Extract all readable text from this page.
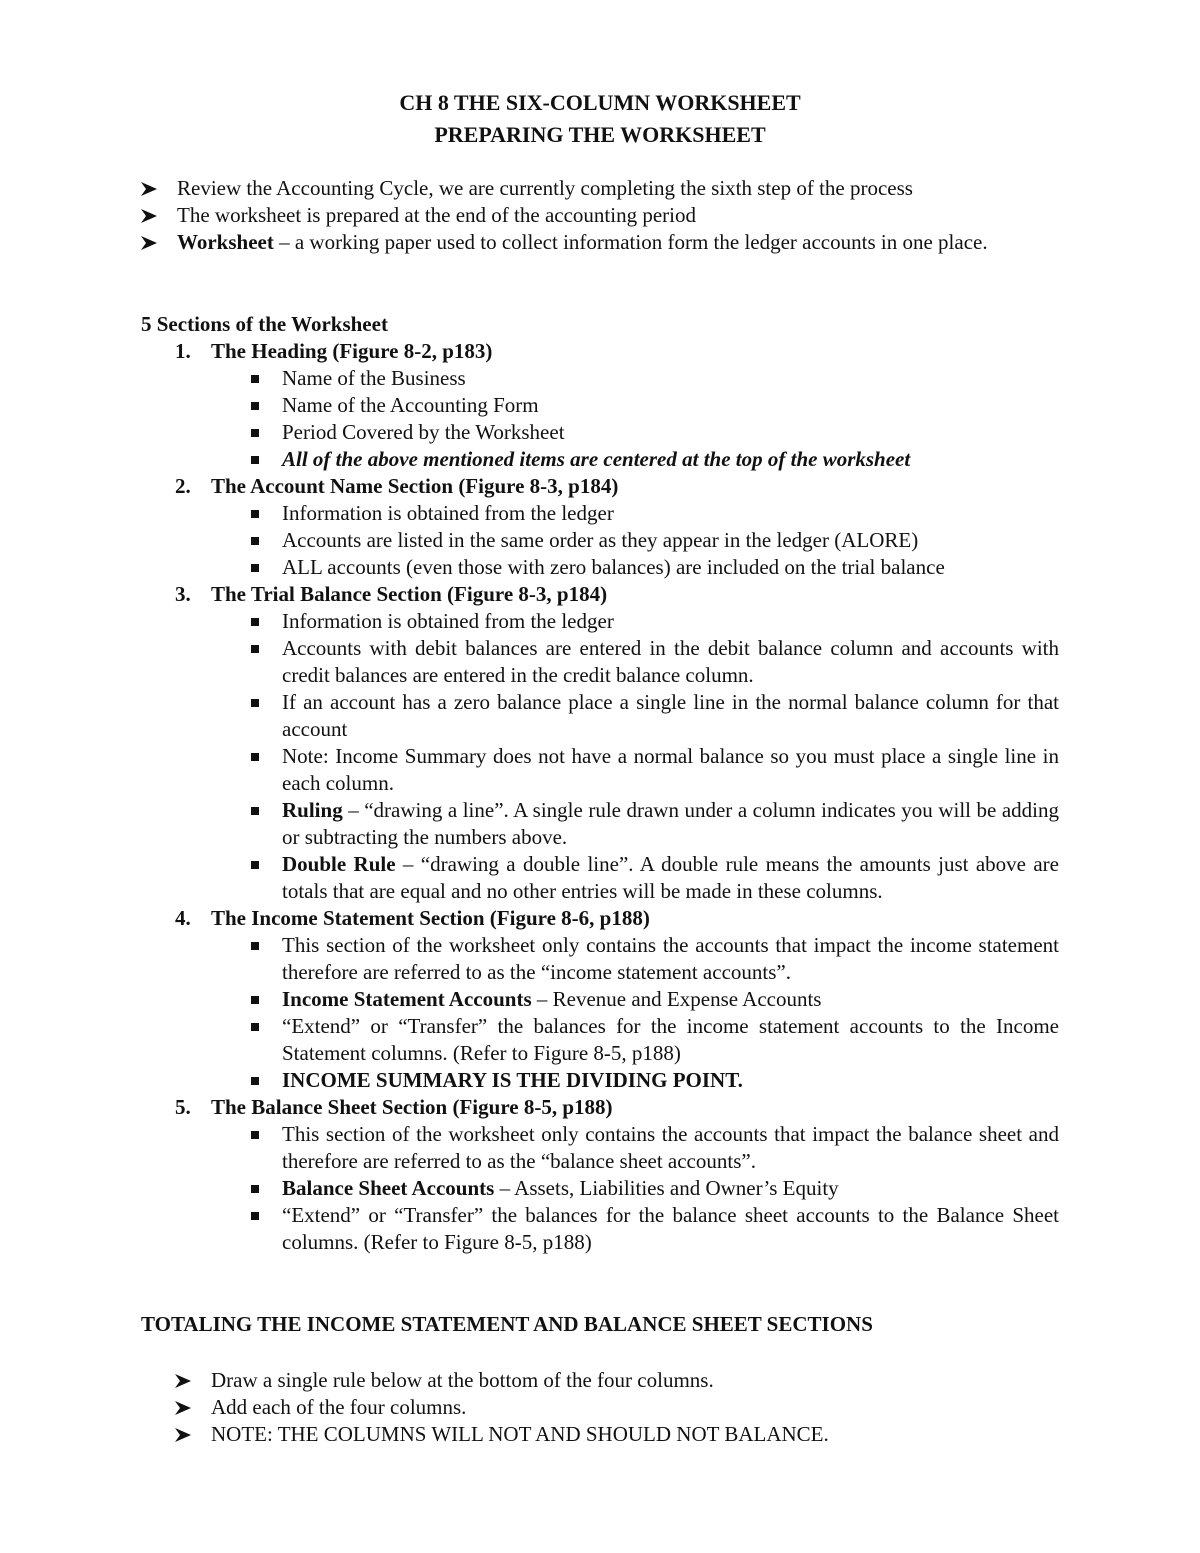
CH 8 THE SIX-COLUMN WORKSHEET
PREPARING THE WORKSHEET
Review the Accounting Cycle, we are currently completing the sixth step of the process
The worksheet is prepared at the end of the accounting period
Worksheet – a working paper used to collect information form the ledger accounts in one place.
5 Sections of the Worksheet
1. The Heading (Figure 8-2, p183)
Name of the Business
Name of the Accounting Form
Period Covered by the Worksheet
All of the above mentioned items are centered at the top of the worksheet
2. The Account Name Section (Figure 8-3, p184)
Information is obtained from the ledger
Accounts are listed in the same order as they appear in the ledger (ALORE)
ALL accounts (even those with zero balances) are included on the trial balance
3. The Trial Balance Section (Figure 8-3, p184)
Information is obtained from the ledger
Accounts with debit balances are entered in the debit balance column and accounts with credit balances are entered in the credit balance column.
If an account has a zero balance place a single line in the normal balance column for that account
Note: Income Summary does not have a normal balance so you must place a single line in each column.
Ruling – “drawing a line”. A single rule drawn under a column indicates you will be adding or subtracting the numbers above.
Double Rule – “drawing a double line”. A double rule means the amounts just above are totals that are equal and no other entries will be made in these columns.
4. The Income Statement Section (Figure 8-6, p188)
This section of the worksheet only contains the accounts that impact the income statement therefore are referred to as the “income statement accounts”.
Income Statement Accounts – Revenue and Expense Accounts
“Extend” or “Transfer” the balances for the income statement accounts to the Income Statement columns. (Refer to Figure 8-5, p188)
INCOME SUMMARY IS THE DIVIDING POINT.
5. The Balance Sheet Section (Figure 8-5, p188)
This section of the worksheet only contains the accounts that impact the balance sheet and therefore are referred to as the “balance sheet accounts”.
Balance Sheet Accounts – Assets, Liabilities and Owner’s Equity
“Extend” or “Transfer” the balances for the balance sheet accounts to the Balance Sheet columns. (Refer to Figure 8-5, p188)
TOTALING THE INCOME STATEMENT AND BALANCE SHEET SECTIONS
Draw a single rule below at the bottom of the four columns.
Add each of the four columns.
NOTE: THE COLUMNS WILL NOT AND SHOULD NOT BALANCE.
